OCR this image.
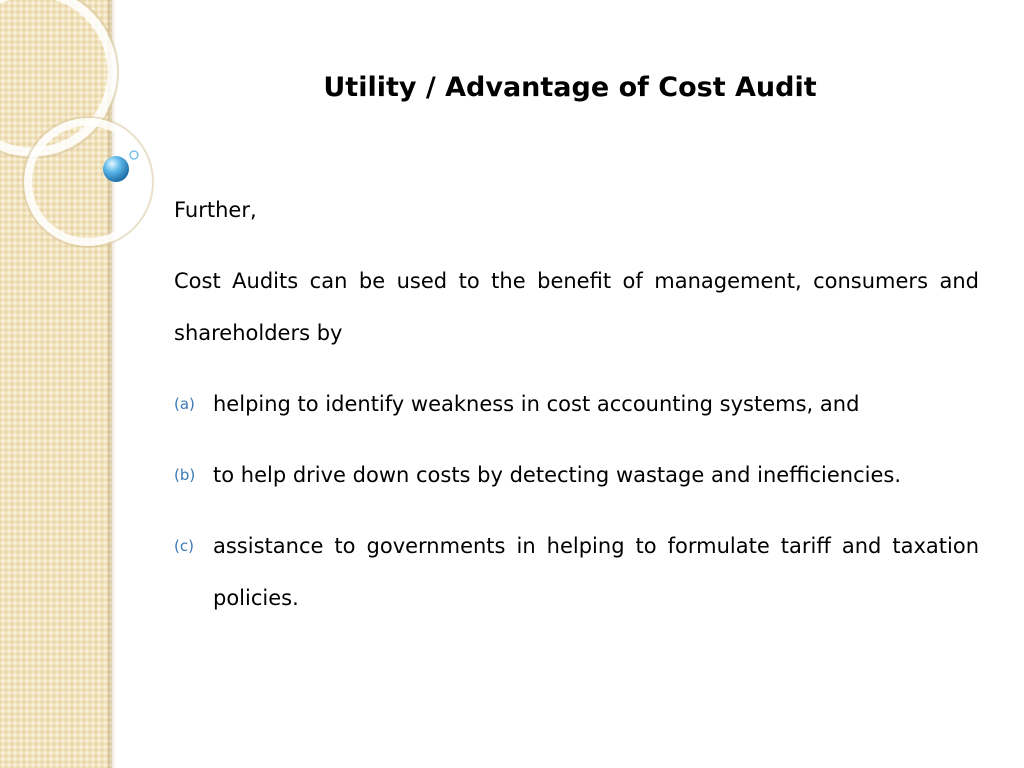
Utility / Advantage of Cost Audit

Further,

Cost Audits can be used to the benefit of management, consumers and shareholders by

(a) helping to identify weakness in cost accounting systems, and
(b) to help drive down costs by detecting wastage and inefficiencies.
(c) assistance to governments in helping to formulate tariff and taxation policies.
